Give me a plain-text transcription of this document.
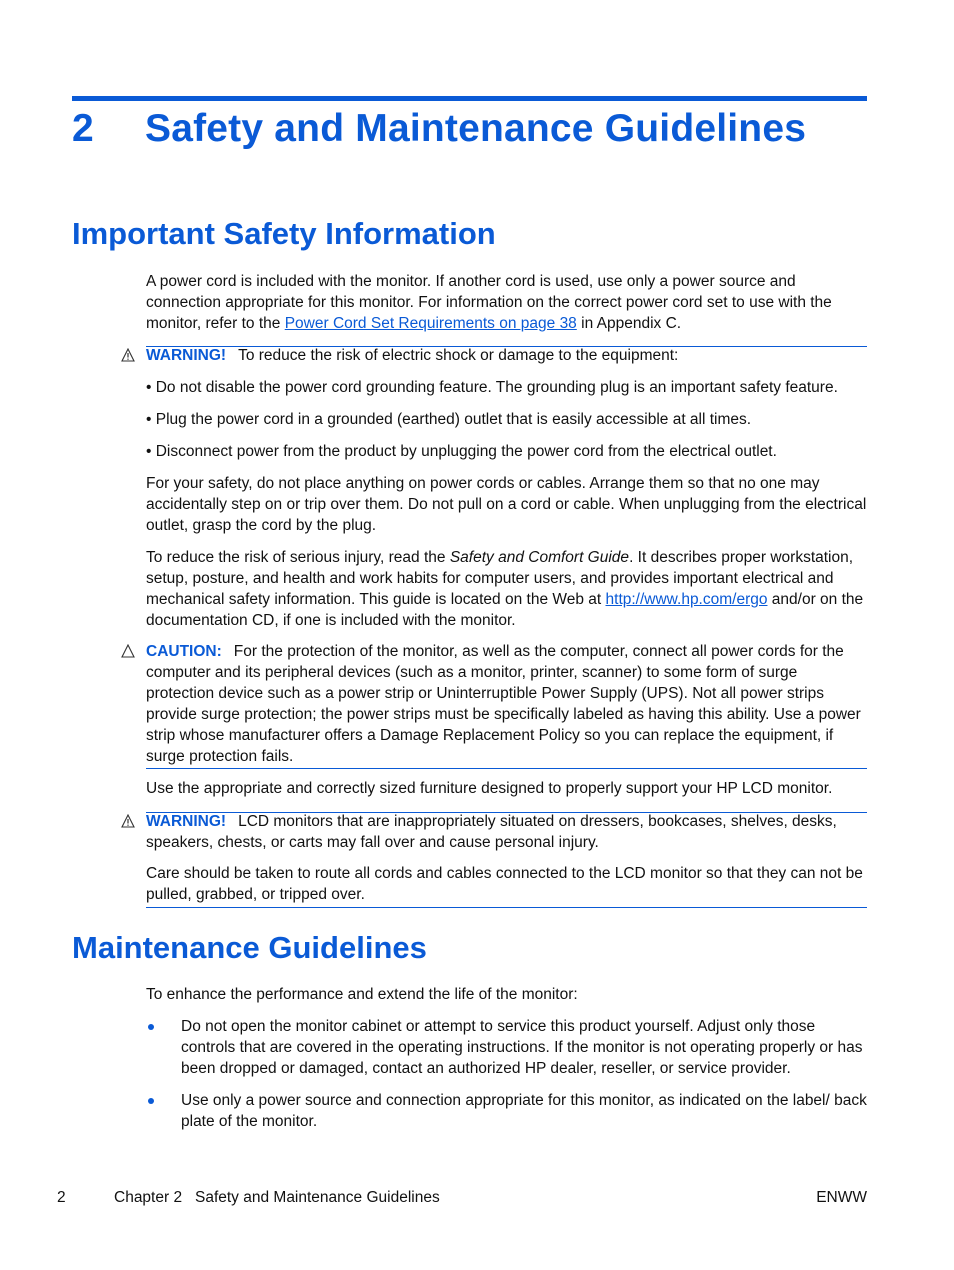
2 Safety and Maintenance Guidelines
Important Safety Information

A power cord is included with the monitor. If another cord is used, use only a power source and connection appropriate for this monitor. For information on the correct power cord set to use with the monitor, refer to the Power Cord Set Requirements on page 38 in Appendix C.

WARNING! To reduce the risk of electric shock or damage to the equipment:

• Do not disable the power cord grounding feature. The grounding plug is an important safety feature.

• Plug the power cord in a grounded (earthed) outlet that is easily accessible at all times.

• Disconnect power from the product by unplugging the power cord from the electrical outlet.

For your safety, do not place anything on power cords or cables. Arrange them so that no one may accidentally step on or trip over them. Do not pull on a cord or cable. When unplugging from the electrical outlet, grasp the cord by the plug.

To reduce the risk of serious injury, read the Safety and Comfort Guide. It describes proper workstation, setup, posture, and health and work habits for computer users, and provides important electrical and mechanical safety information. This guide is located on the Web at http://www.hp.com/ergo and/or on the documentation CD, if one is included with the monitor.

CAUTION: For the protection of the monitor, as well as the computer, connect all power cords for the computer and its peripheral devices (such as a monitor, printer, scanner) to some form of surge protection device such as a power strip or Uninterruptible Power Supply (UPS). Not all power strips provide surge protection; the power strips must be specifically labeled as having this ability. Use a power strip whose manufacturer offers a Damage Replacement Policy so you can replace the equipment, if surge protection fails.

Use the appropriate and correctly sized furniture designed to properly support your HP LCD monitor.

WARNING! LCD monitors that are inappropriately situated on dressers, bookcases, shelves, desks, speakers, chests, or carts may fall over and cause personal injury.

Care should be taken to route all cords and cables connected to the LCD monitor so that they can not be pulled, grabbed, or tripped over.

Maintenance Guidelines

To enhance the performance and extend the life of the monitor:

Do not open the monitor cabinet or attempt to service this product yourself. Adjust only those controls that are covered in the operating instructions. If the monitor is not operating properly or has been dropped or damaged, contact an authorized HP dealer, reseller, or service provider.

Use only a power source and connection appropriate for this monitor, as indicated on the label/ back plate of the monitor.

2	Chapter 2   Safety and Maintenance Guidelines	ENWW
